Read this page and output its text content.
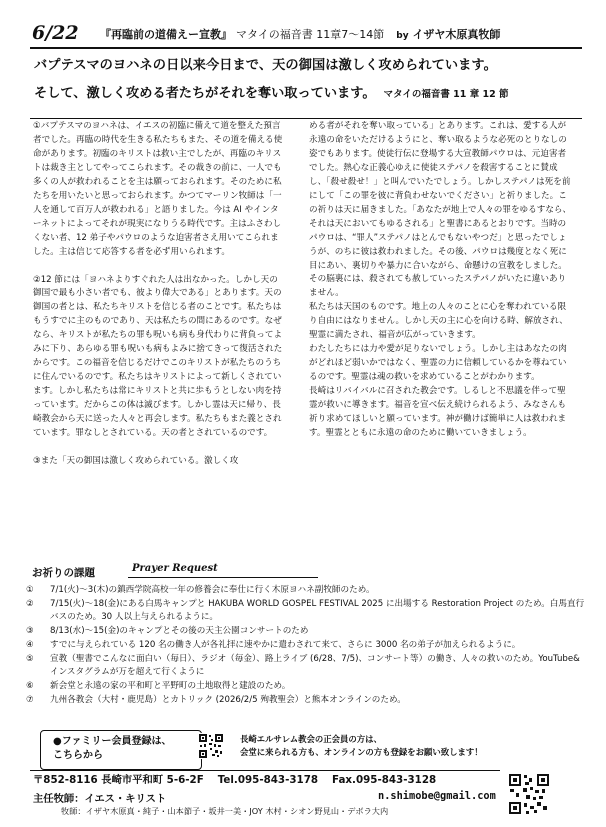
6/22 『再臨前の道備えー宣教』 マタイの福音書 11章7〜14節 by イザヤ木原真牧師
バプテスマのヨハネの日以来今日まで、天の御国は激しく攻められています。
そして、激しく攻める者たちがそれを奪い取っています。 マタイの福音書 11 章 12 節

①バプテスマのヨハネは、イエスの初臨に備えて道を整えた預言者でした。再臨の時代を生きる私たちもまた、その道を備える使命があります。初臨のキリストは救い主でしたが、再臨のキリストは裁き主としてやってこられます。その裁きの前に、一人でも多くの人が救われることを主は願っておられます。そのために私たちを用いたいと思っておられます。かつてマーリン牧師は「一人を通して百万人が救われる」と語りました。今は AI やインターネットによってそれが現実になりうる時代です。主はふさわしくない者、12 弟子やパウロのような迫害者さえ用いてこられました。主は信じて応答する者を必ず用いられます。

②12 節には「ヨハネよりすぐれた人は出なかった。しかし天の御国で最も小さい者でも、彼より偉大である」とあります。天の御国の者とは、私たちキリストを信じる者のことです。私たちはもうすでに主のものであり、天は私たちの間にあるのです。なぜなら、キリストが私たちの罪も呪いも病も身代わりに背負ってよみに下り、あらゆる罪も呪いも病もよみに捨てきって復活されたからです。この福音を信じるだけでこのキリストが私たちのうちに住んでいるのです。私たちはキリストによって新しくされています。しかし私たちは常にキリストと共に歩もうとしない肉を持っています。だからこの体は滅びます。しかし霊は天に帰り、長崎教会から天に送った人々と再会します。私たちもまた義とされています。罪なしとされている。天の者とされているのです。

③また「天の御国は激しく攻められている。激しく攻

める者がそれを奪い取っている」とあります。これは、愛する人が永遠の命をいただけるようにと、奪い取るような必死のとりなしの姿でもあります。使徒行伝に登場する大宣教師パウロは、元迫害者でした。熱心な正義心ゆえに使徒ステパノを殺害することに賛成し、「殺せ殺せ！」と叫んでいたでしょう。しかしステパノは死を前にして「この罪を彼に背負わせないでください」と祈りました。この祈りは天に届きました。「あなたが地上で人々の罪をゆるすなら、それは天においてもゆるされる」と聖書にあるとおりです。当時のパウロは、“罪人”ステパノはとんでもないやつだ」と思ったでしょうが、のちに彼は救われました。その後、パウロは幾度となく死に目にあい、裏切りや暴力に合いながら、命懸けの宣教をしました。その脳裏には、殺されても赦していったステパノがいたに違いありません。
私たちは天国のものです。地上の人々のことに心を奪われている限り自由にはなりません。しかし天の主に心を向ける時、解放され、聖霊に満たされ、福音が広がっていきます。
わたしたちには力や愛が足りないでしょう。しかし主はあなたの肉がどれほど弱いかではなく、聖霊の力に信頼しているかを尊ねているのです。聖霊は魂の救いを求めていることがわかります。
長崎はリバイバルに召された教会です。しるしと不思議を伴って聖霊が救いに導きます。福音を宣べ伝え続けられるよう、みなさんも祈り求めてほしいと願っています。神が働けば簡単に人は救われます。聖霊とともに永遠の命のために働いていきましょう。
お祈りの課題	Prayer Request
① 7/1(火)〜3(木)の鎮西学院高校一年の修養会に奉仕に行く木原ヨハネ副牧師のため。
② 7/15(火)〜18(金)にある白馬キャンプと HAKUBA WORLD GOSPEL FESTIVAL 2025 に出場する Restoration Project のため。白馬直行バスのため。30 人以上与えられるように。
③ 8/13(水)〜15(金)のキャンプとその後の天主公園コンサートのため
④ すでに与えられている 120 名の働き人が各礼拝に速やかに遣わされて来て、さらに 3000 名の弟子が加えられるように。
⑤ 宣教（聖書でこんなに面白い（毎日）、ラジオ（毎金）、路上ライブ (6/28、7/5)、コンサート等）の働き、人々の救いのため。YouTube&インスタグラムが万を超えて行くように
⑥ 新会堂と永遠の家の平和町と平野町の土地取得と建設のため。
⑦ 九州各教会（大村・鹿児島）とカトリック (2026/2/5 殉教聖会）と熊本オンラインのため。
●ファミリー会員登録は、
こちらから
長崎エルサレム教会の正会員の方は、
会堂に来られる方も、オンラインの方も登録をお願い致します！
〒852-8116 長崎市平和町 5-6-2F Tel.095-843-3178 Fax.095-843-3128
主任牧師：イエス・キリスト	n.shimobe@gmail.com
牧師：イザヤ木原真・純子・山本節子・坂井一美・JOY 木村・シオン野見山・デボラ大内
